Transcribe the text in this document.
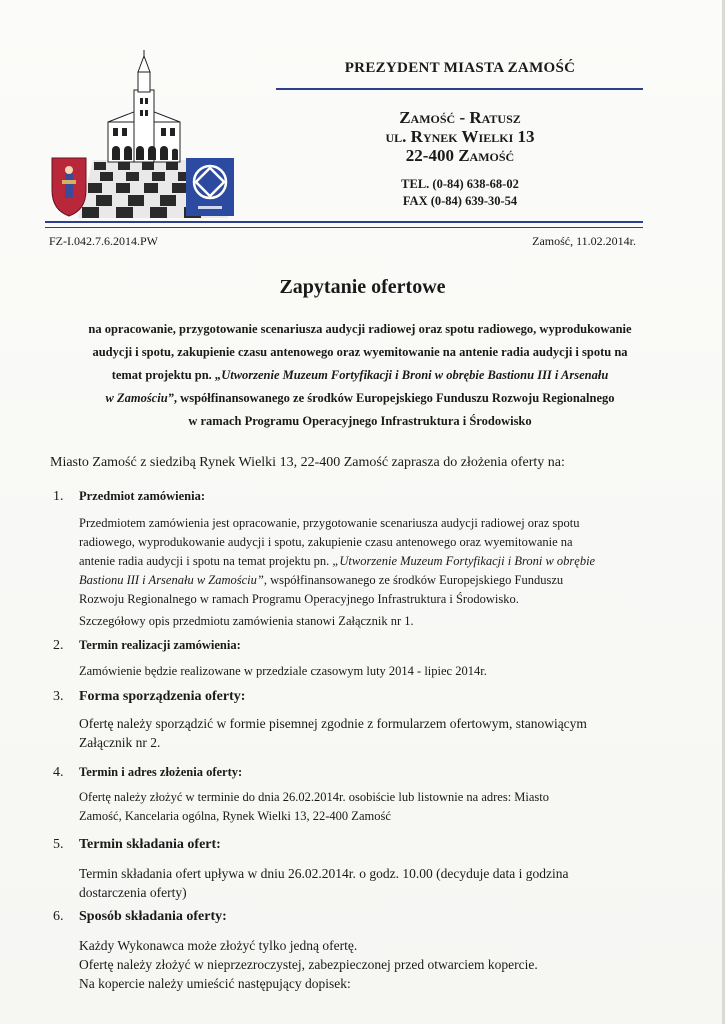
PREZYDENT MIASTA ZAMOŚĆ
Zamość - Ratusz
ul. Rynek Wielki 13
22-400 Zamość
TEL. (0-84) 638-68-02
FAX (0-84) 639-30-54
FZ-I.042.7.6.2014.PW	Zamość, 11.02.2014r.
Zapytanie ofertowe
na opracowanie, przygotowanie scenariusza audycji radiowej oraz spotu radiowego, wyprodukowanie
audycji i spotu, zakupienie czasu antenowego oraz wyemitowanie na antenie radia audycji i spotu na
temat projektu pn. „Utworzenie Muzeum Fortyfikacji i Broni w obrębie Bastionu III i Arsenału
w Zamościu”, współfinansowanego ze środków Europejskiego Funduszu Rozwoju Regionalnego
w ramach Programu Operacyjnego Infrastruktura i Środowisko
Miasto Zamość z siedzibą Rynek Wielki 13, 22-400 Zamość zaprasza do złożenia oferty na:
1. Przedmiot zamówienia:
Przedmiotem zamówienia jest opracowanie, przygotowanie scenariusza audycji radiowej oraz spotu
radiowego, wyprodukowanie audycji i spotu, zakupienie czasu antenowego oraz wyemitowanie na
antenie radia audycji i spotu na temat projektu pn. „Utworzenie Muzeum Fortyfikacji i Broni w obrębie
Bastionu III i Arsenału w Zamościu”, współfinansowanego ze środków Europejskiego Funduszu
Rozwoju Regionalnego w ramach Programu Operacyjnego Infrastruktura i Środowisko.
Szczegółowy opis przedmiotu zamówienia stanowi Załącznik nr 1.
2. Termin realizacji zamówienia:
Zamówienie będzie realizowane w przedziale czasowym luty 2014 - lipiec 2014r.
3. Forma sporządzenia oferty:
Ofertę należy sporządzić w formie pisemnej zgodnie z formularzem ofertowym, stanowiącym
Załącznik nr 2.
4. Termin i adres złożenia oferty:
Ofertę należy złożyć w terminie do dnia 26.02.2014r. osobiście lub listownie na adres: Miasto
Zamość, Kancelaria ogólna, Rynek Wielki 13, 22-400 Zamość
5. Termin składania ofert:
Termin składania ofert upływa w dniu 26.02.2014r. o godz. 10.00 (decyduje data i godzina
dostarczenia oferty)
6. Sposób składania oferty:
Każdy Wykonawca może złożyć tylko jedną ofertę.
Ofertę należy złożyć w nieprzezroczystej, zabezpieczonej przed otwarciem kopercie.
Na kopercie należy umieścić następujący dopisek:
